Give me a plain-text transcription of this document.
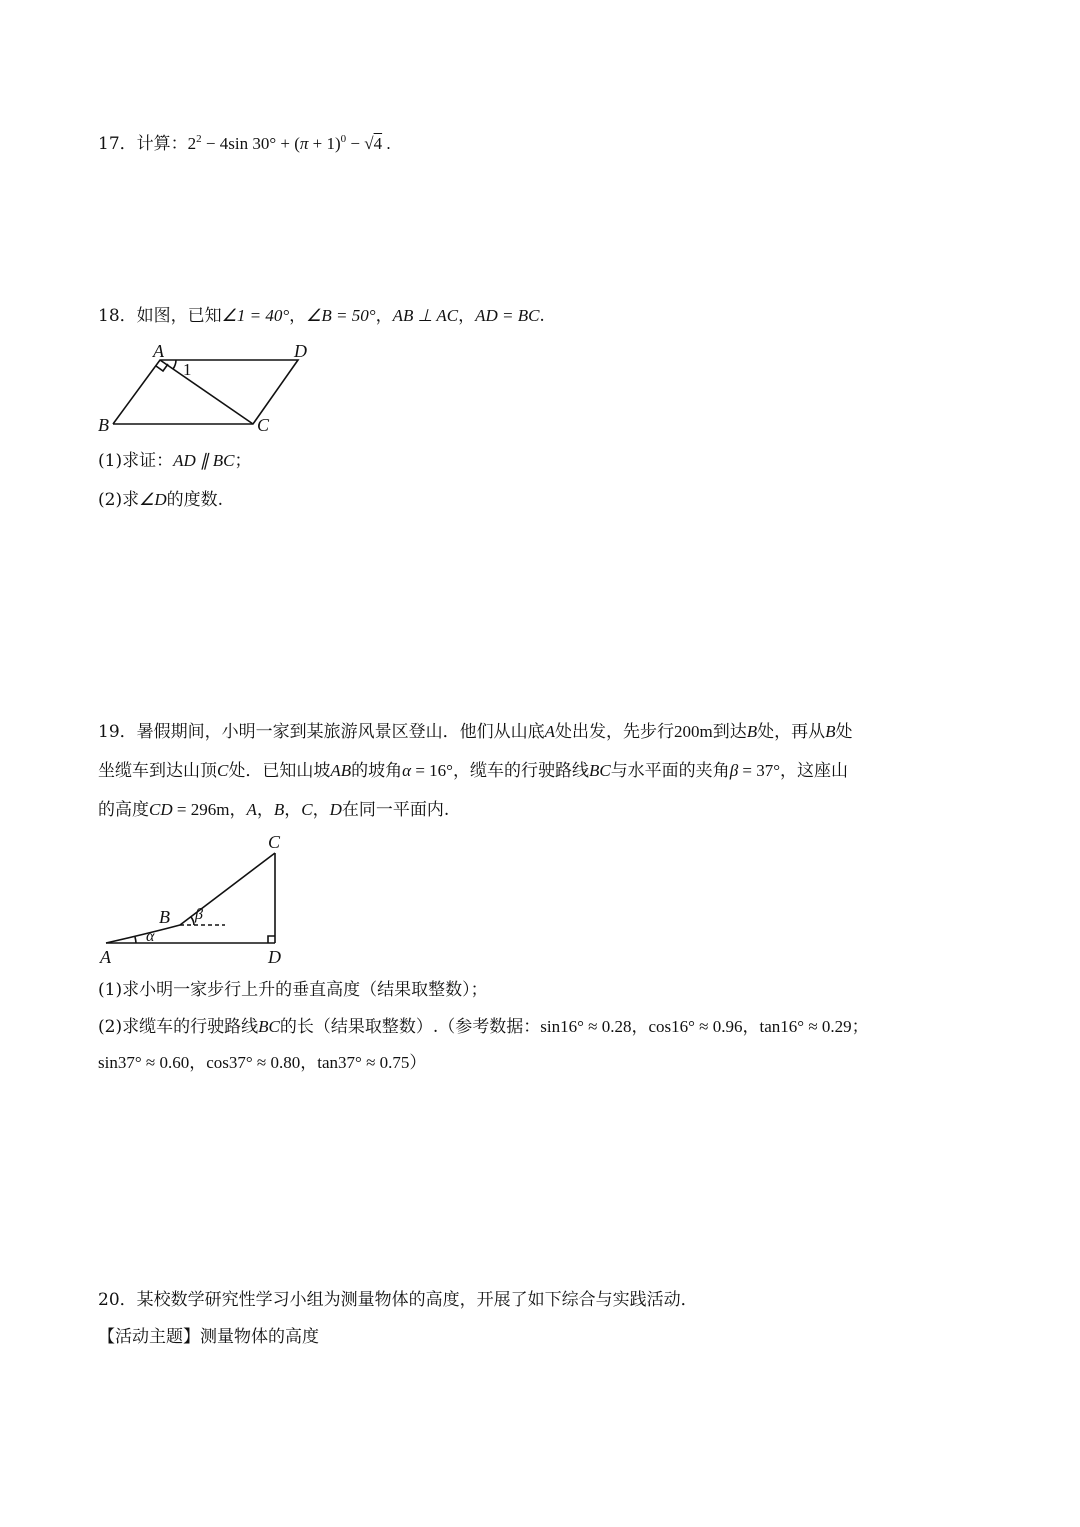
17．计算：$2^2 - 4\sin$ $30^\circ + (\pi + 1)^0 - √4$ .
18．如图，已知∠1 = 40°，∠B = 50°，AB ⊥ AC，AD = BC.
A	D
B	C
1
(1)求证：AD ∥ BC；
(2)求∠D的度数.
19．暑假期间，小明一家到某旅游风景区登山．他们从山底A处出发，先步行200m到达B处，再从B处
坐缆车到达山顶C处．已知山坡AB的坡角α = 16°，缆车的行驶路线BC与水平面的夹角β = 37°，这座山
的高度CD = 296m，A，B，C，D在同一平面内.
C
B β
α
A	D
(1)求小明一家步行上升的垂直高度（结果取整数）；
(2)求缆车的行驶路线BC的长（结果取整数）.（参考数据：sin16° ≈ 0.28，cos16° ≈ 0.96，tan16° ≈ 0.29；
sin37° ≈ 0.60，cos37° ≈ 0.80，tan37° ≈ 0.75）
20．某校数学研究性学习小组为测量物体的高度，开展了如下综合与实践活动．
【活动主题】测量物体的高度
